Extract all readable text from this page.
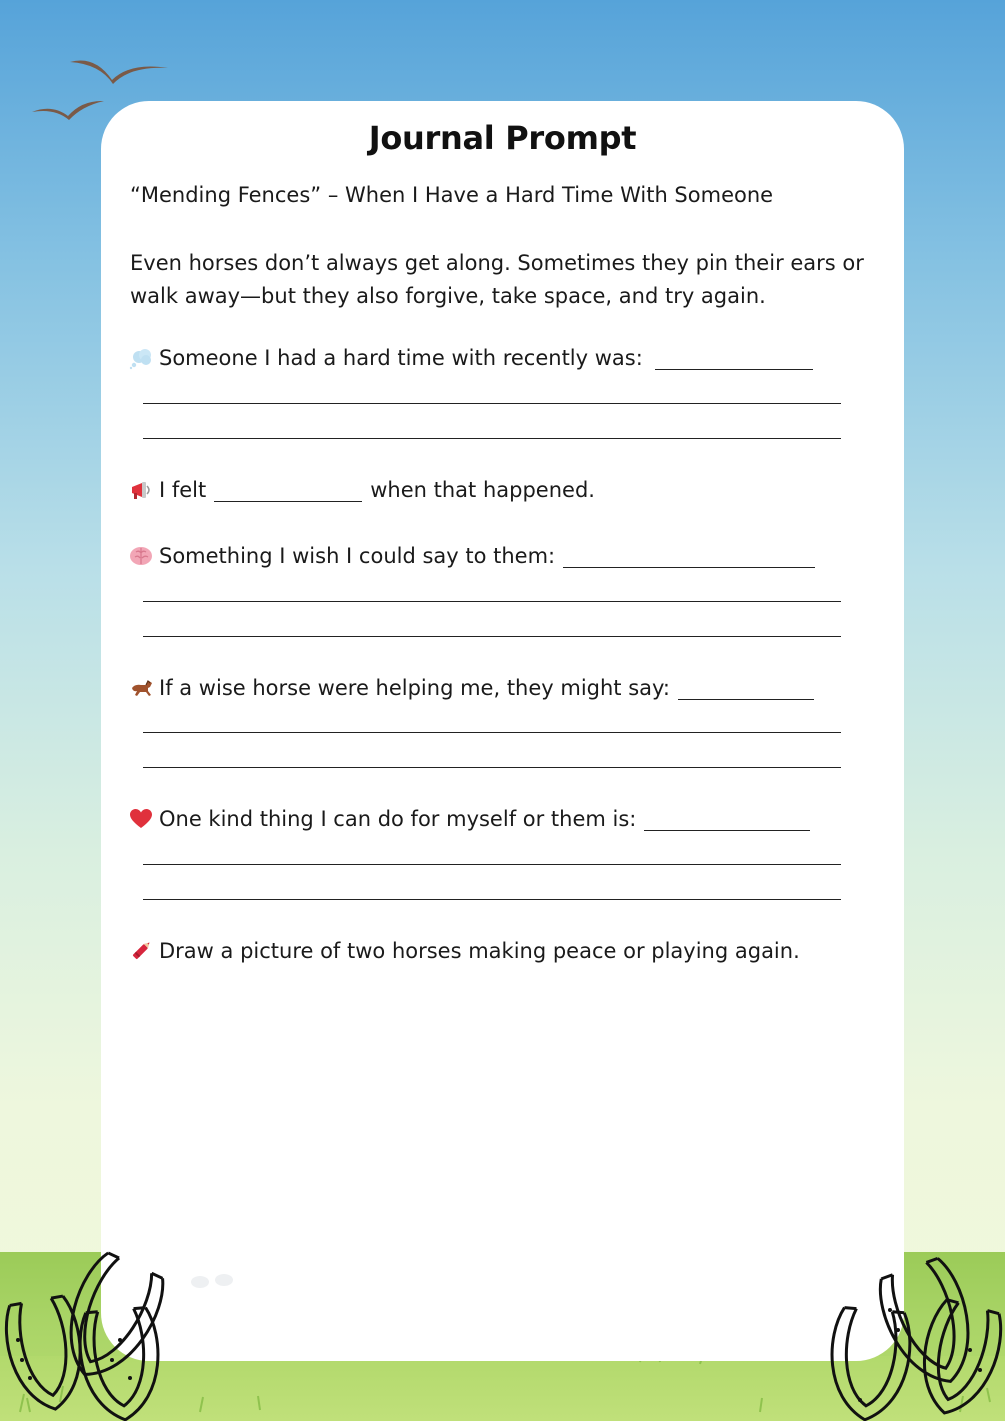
Journal Prompt
“Mending Fences” – When I Have a Hard Time With Someone
Even horses don’t always get along. Sometimes they pin their ears or walk away—but they also forgive, take space, and try again.
Someone I had a hard time with recently was:
I felt	when that happened.
Something I wish I could say to them:
If a wise horse were helping me, they might say:
One kind thing I can do for myself or them is:
Draw a picture of two horses making peace or playing again.
